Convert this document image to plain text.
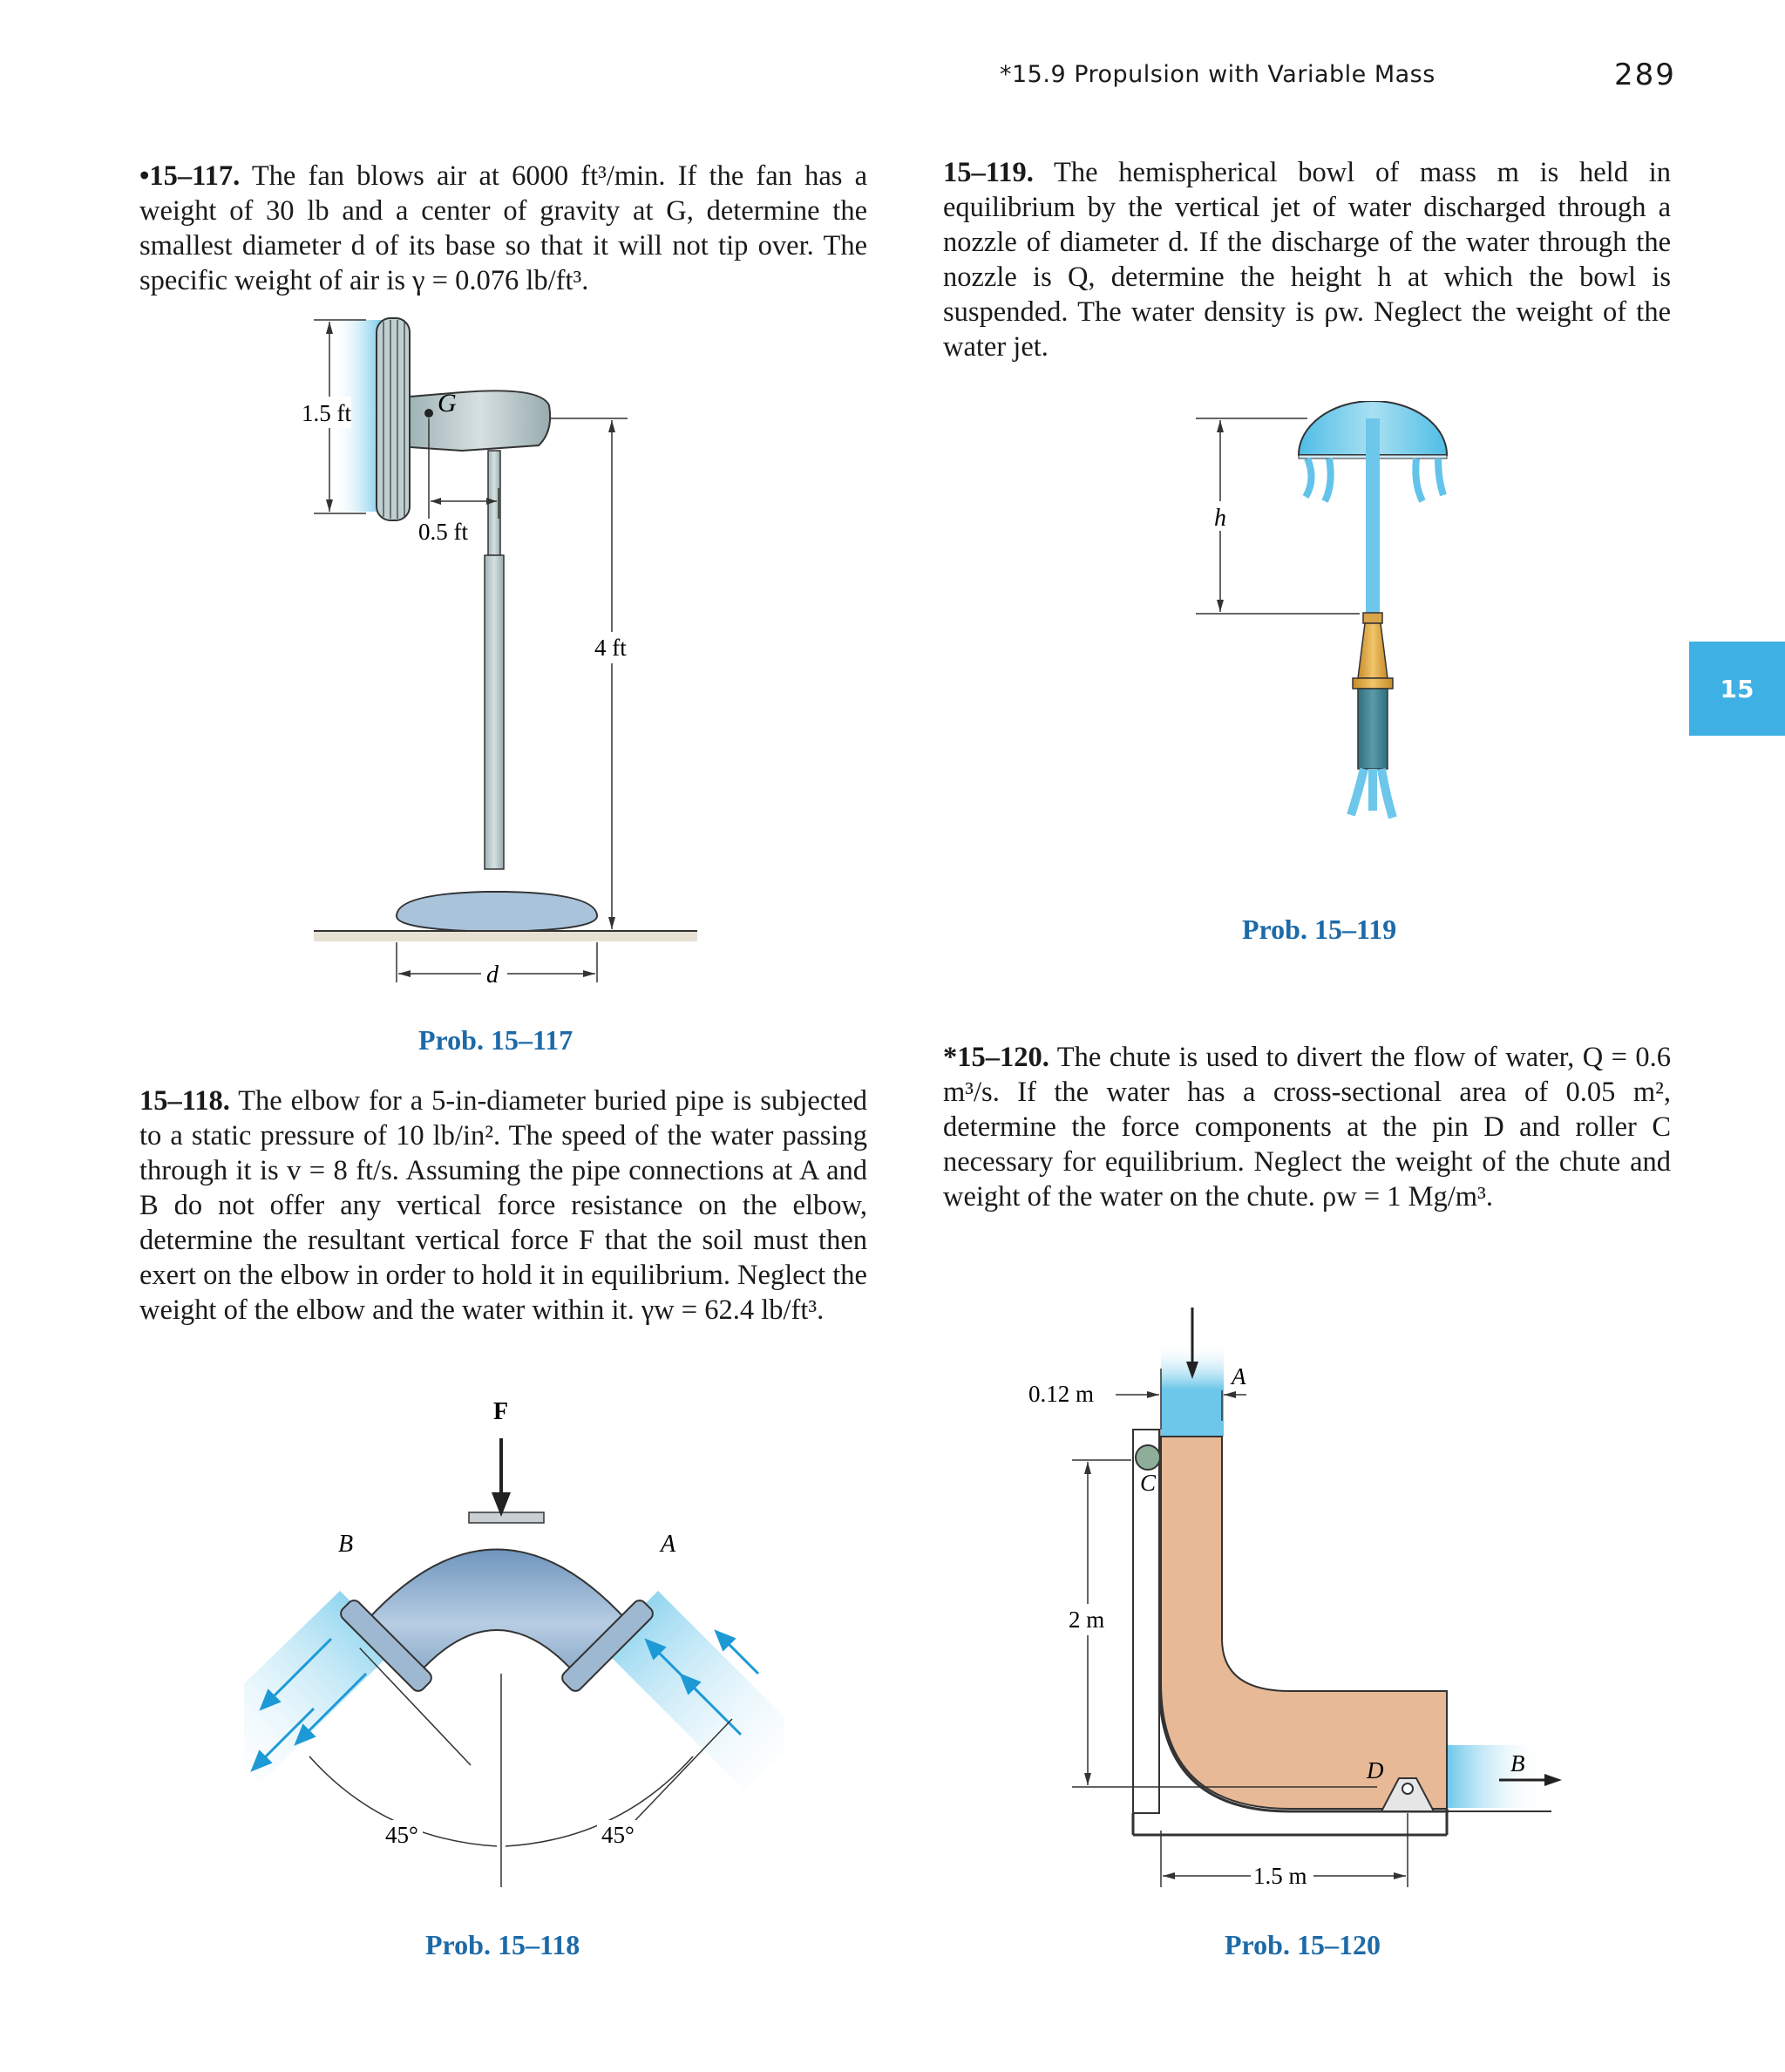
*15.9 Propulsion with Variable Mass	289
15
•15–117. The fan blows air at 6000 ft³/min. If the fan has a weight of 30 lb and a center of gravity at G, determine the smallest diameter d of its base so that it will not tip over. The specific weight of air is γ = 0.076 lb/ft³.
G
1.5 ft
0.5 ft
4 ft
d
Prob. 15–117
15–118. The elbow for a 5-in-diameter buried pipe is subjected to a static pressure of 10 lb/in². The speed of the water passing through it is v = 8 ft/s. Assuming the pipe connections at A and B do not offer any vertical force resistance on the elbow, determine the resultant vertical force F that the soil must then exert on the elbow in order to hold it in equilibrium. Neglect the weight of the elbow and the water within it. γw = 62.4 lb/ft³.
F
B	A
45°	45°
Prob. 15–118
15–119. The hemispherical bowl of mass m is held in equilibrium by the vertical jet of water discharged through a nozzle of diameter d. If the discharge of the water through the nozzle is Q, determine the height h at which the bowl is suspended. The water density is ρw. Neglect the weight of the water jet.
h
Prob. 15–119
*15–120. The chute is used to divert the flow of water, Q = 0.6 m³/s. If the water has a cross-sectional area of 0.05 m², determine the force components at the pin D and roller C necessary for equilibrium. Neglect the weight of the chute and weight of the water on the chute. ρw = 1 Mg/m³.
C
D	B
A
0.12 m
2 m
1.5 m
Prob. 15–120
